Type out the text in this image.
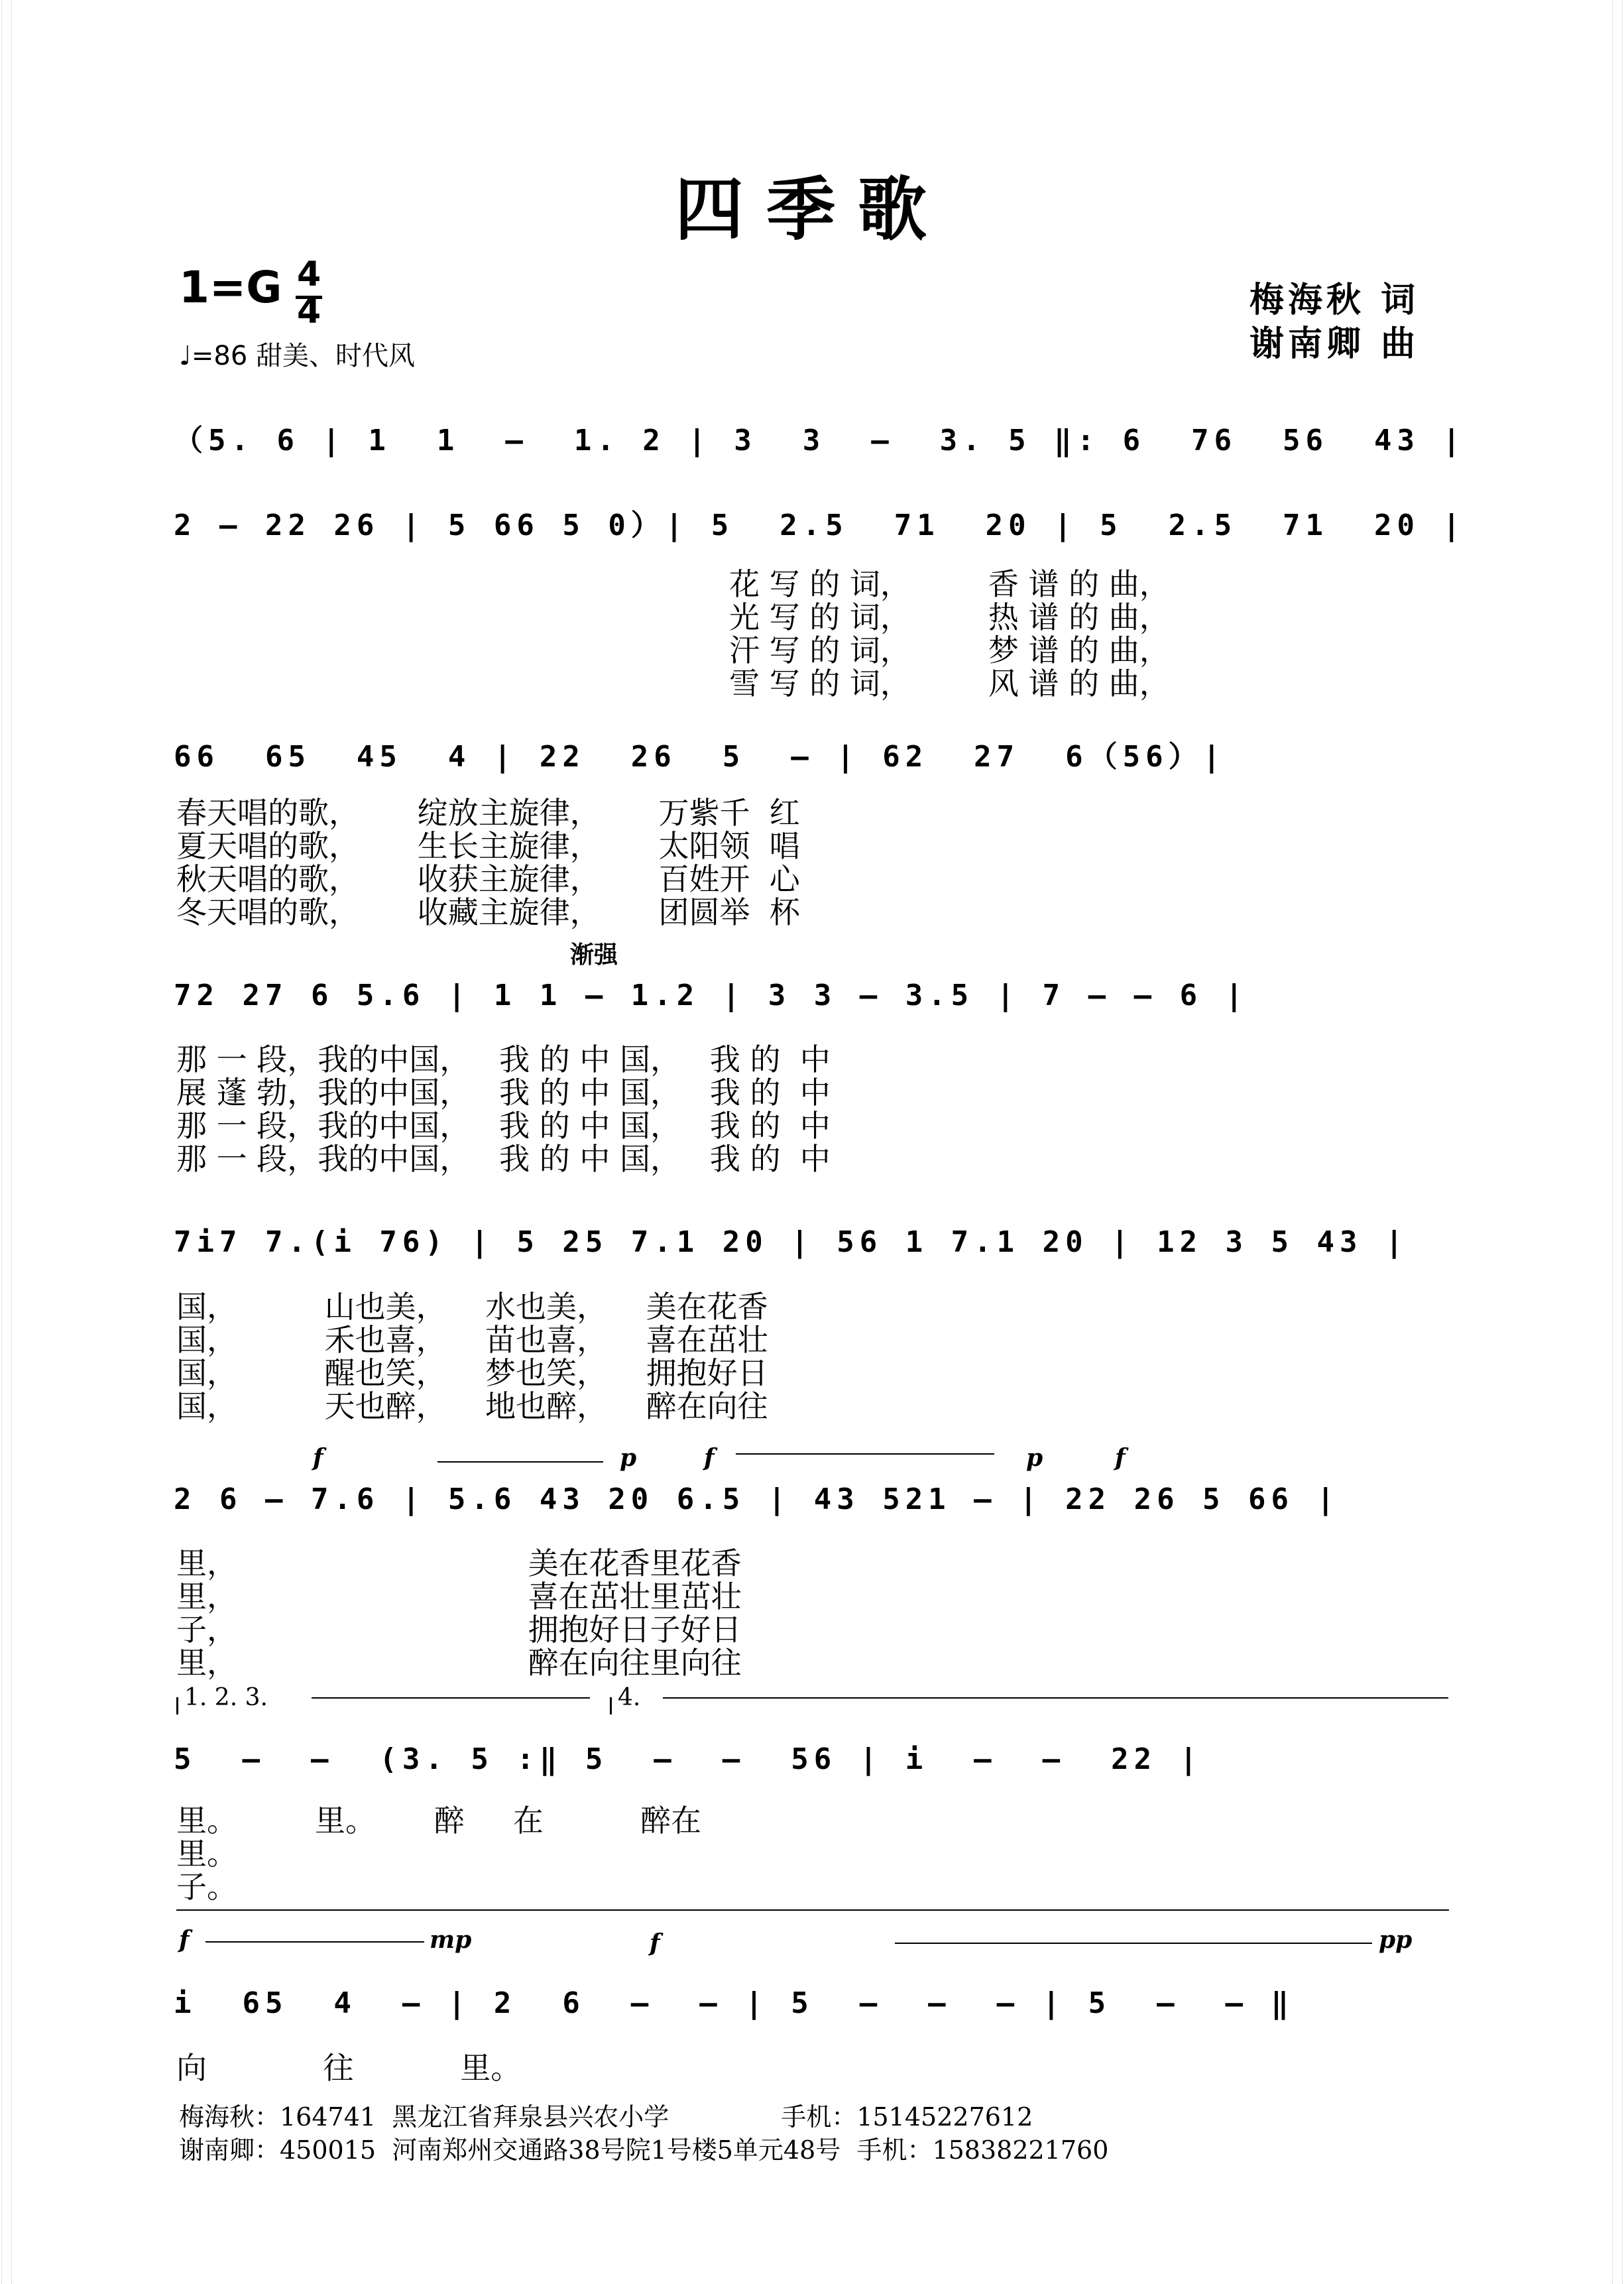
四季歌
1=G 4
4
♩=86 甜美、时代风
梅海秋 词
谢南卿 曲
（5. 6 | 1  1  –  1. 2 | 3  3  –  3. 5 ‖: 6  76  56  43 |
2 – 22 26 | 5 66 5 0）| 5  2.5  71  20 | 5  2.5  71  20 |
花 写 的 词，        香 谱 的 曲，
光 写 的 词，        热 谱 的 曲，
汗 写 的 词，        梦 谱 的 曲，
雪 写 的 词，        风 谱 的 曲，
66  65  45  4 | 22  26  5  – | 62  27  6（56）|
春天唱的歌，      绽放主旋律，      万紫千  红
夏天唱的歌，      生长主旋律，      太阳领  唱
秋天唱的歌，      收获主旋律，      百姓开  心
冬天唱的歌，      收藏主旋律，      团圆举  杯
渐强
72 27 6 5.6 | 1 1 – 1.2 | 3 3 – 3.5 | 7 – – 6 |
那 一 段，我的中国，   我 的 中 国，   我 的  中
展 蓬 勃，我的中国，   我 的 中 国，   我 的  中
那 一 段，我的中国，   我 的 中 国，   我 的  中
那 一 段，我的中国，   我 的 中 国，   我 的  中
7i7 7.(i 76) | 5 25 7.1 20 | 56 1 7.1 20 | 12 3 5 43 |
国，         山也美，    水也美，    美在花香
国，         禾也喜，    苗也喜，    喜在茁壮
国，         醒也笑，    梦也笑，    拥抱好日
国，         天也醉，    地也醉，    醉在向往
f	p	f	p	f
2 6 – 7.6 | 5.6 43 20 6.5 | 43 521 – | 22 26 5 66 |
里，                              美在花香里花香
里，                              喜在茁壮里茁壮
子，                              拥抱好日子好日
里，                              醉在向往里向往
1. 2. 3.	4.
5  –  –  (3. 5 :‖ 5  –  –  56 | i  –  –  22 |
里。        里。      醉     在          醉在
里。
子。
f	mp	f	pp
i  65  4  – | 2  6  –  – | 5  –  –  – | 5  –  – ‖
向            往           里。
梅海秋：164741  黑龙江省拜泉县兴农小学              手机：15145227612
谢南卿：450015  河南郑州交通路38号院1号楼5单元48号  手机：15838221760
